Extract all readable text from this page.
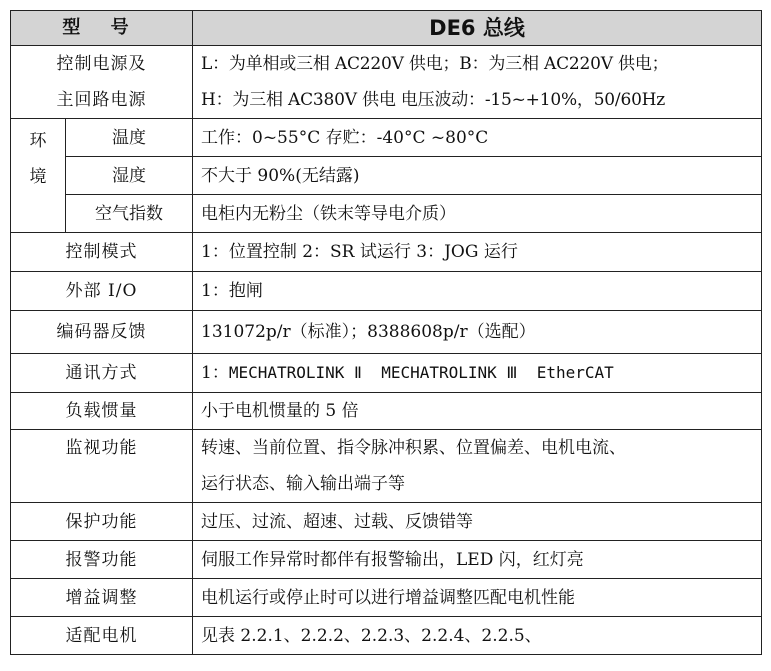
型 号		DE6 总线

控制电源及
主回路电源		L：为单相或三相 AC220V 供电；B：为三相 AC220V 供电；
H：为三相 AC380V 供电 电压波动：-15~+10%，50/60Hz

环
境	温度	工作：0~55°C 存贮：-40°C ~80°C
	湿度	不大于 90%(无结露)
	空气指数	电柜内无粉尘（铁末等导电介质）
控制模式		1：位置控制 2：SR 试运行 3：JOG 运行
外部 I/O		1：抱闸
编码器反馈		131072p/r（标准）；8388608p/r（选配）
通讯方式		1：MECHATROLINK Ⅱ  MECHATROLINK Ⅲ  EtherCAT
负载惯量		小于电机惯量的 5 倍
监视功能		转速、当前位置、指令脉冲积累、位置偏差、电机电流、
运行状态、输入输出端子等

保护功能		过压、过流、超速、过载、反馈错等
报警功能		伺服工作异常时都伴有报警输出，LED 闪，红灯亮
增益调整		电机运行或停止时可以进行增益调整匹配电机性能
适配电机		见表 2.2.1、2.2.2、2.2.3、2.2.4、2.2.5、
